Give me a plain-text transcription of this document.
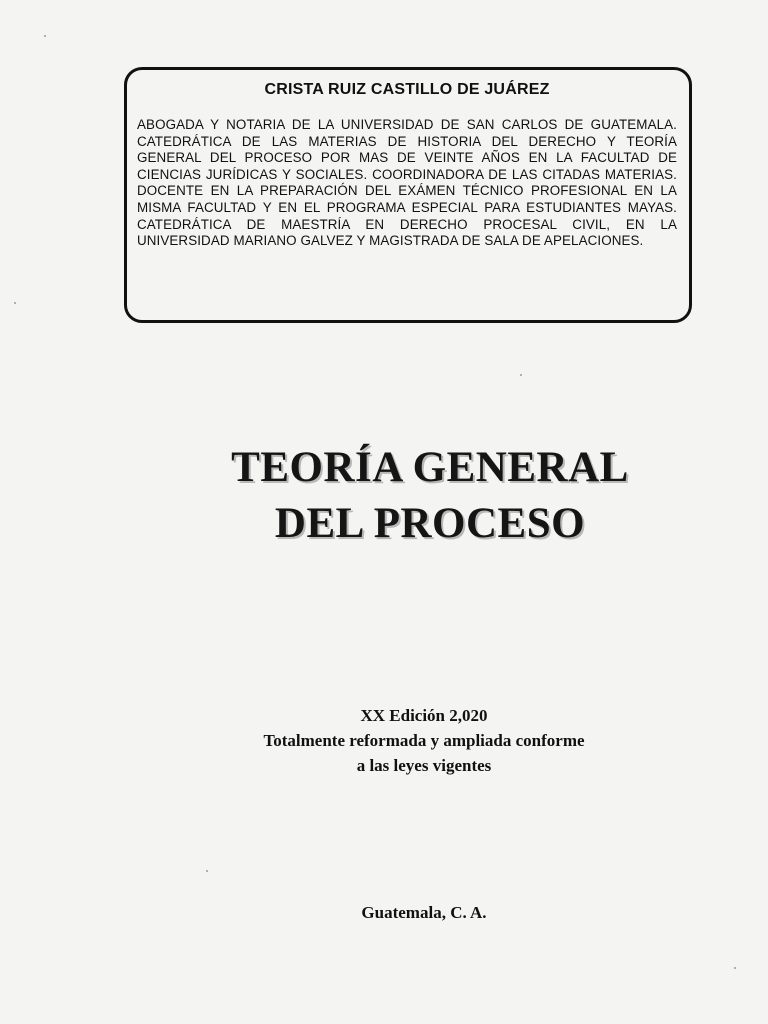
CRISTA RUIZ CASTILLO DE JUÁREZ
ABOGADA Y NOTARIA DE LA UNIVERSIDAD DE SAN CARLOS DE GUATEMALA. CATEDRÁTICA DE LAS MATERIAS DE HISTORIA DEL DERECHO Y TEORÍA GENERAL DEL PROCESO POR MAS DE VEINTE AÑOS EN LA FACULTAD DE CIENCIAS JURÍDICAS Y SOCIALES. COORDINADORA DE LAS CITADAS MATERIAS. DOCENTE EN LA PREPARACIÓN DEL EXÁMEN TÉCNICO PROFESIONAL EN LA MISMA FACULTAD Y EN EL PROGRAMA ESPECIAL PARA ESTUDIANTES MAYAS. CATEDRÁTICA DE MAESTRÍA EN DERECHO PROCESAL CIVIL, EN LA UNIVERSIDAD MARIANO GALVEZ Y MAGISTRADA DE SALA DE APELACIONES.
TEORÍA GENERAL
DEL PROCESO
XX Edición 2,020
Totalmente reformada y ampliada conforme
a las leyes vigentes
Guatemala, C. A.
